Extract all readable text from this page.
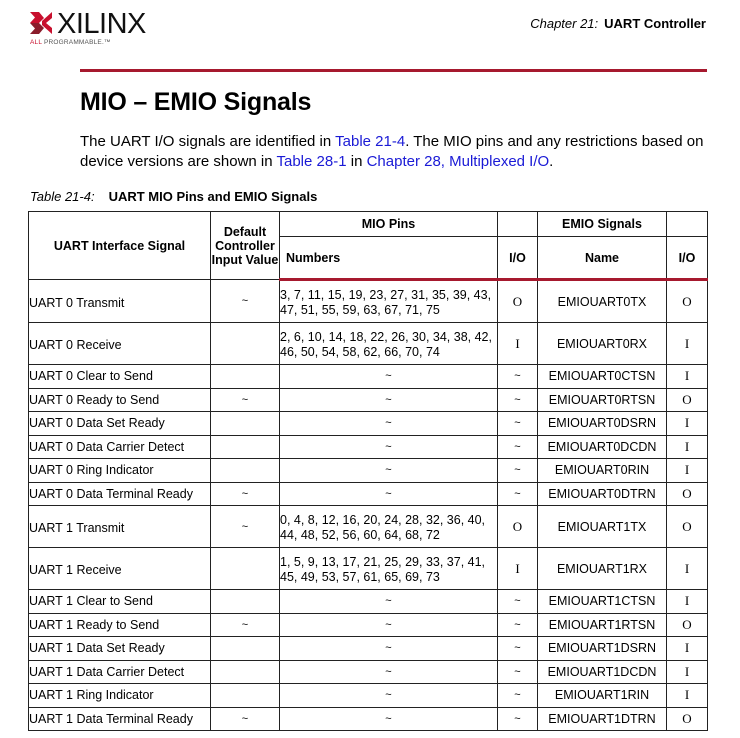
XILINX
ALL PROGRAMMABLE.™
Chapter 21: UART Controller
MIO – EMIO Signals
The UART I/O signals are identified in Table 21-4. The MIO pins and any restrictions based on device versions are shown in Table 28-1 in Chapter 28, Multiplexed I/O.
Table 21-4: UART MIO Pins and EMIO Signals
UART Interface Signal	Default Controller Input Value	MIO Pins		EMIO Signals	
		Numbers	I/O	Name	I/O
UART 0 Transmit	~	3, 7, 11, 15, 19, 23, 27, 31, 35, 39, 43, 47, 51, 55, 59, 63, 67, 71, 75	O	EMIOUART0TX	O
UART 0 Receive		2, 6, 10, 14, 18, 22, 26, 30, 34, 38, 42, 46, 50, 54, 58, 62, 66, 70, 74	I	EMIOUART0RX	I
UART 0 Clear to Send		~	~	EMIOUART0CTSN	I
UART 0 Ready to Send	~	~	~	EMIOUART0RTSN	O
UART 0 Data Set Ready		~	~	EMIOUART0DSRN	I
UART 0 Data Carrier Detect		~	~	EMIOUART0DCDN	I
UART 0 Ring Indicator		~	~	EMIOUART0RIN	I
UART 0 Data Terminal Ready	~	~	~	EMIOUART0DTRN	O
UART 1 Transmit	~	0, 4, 8, 12, 16, 20, 24, 28, 32, 36, 40, 44, 48, 52, 56, 60, 64, 68, 72	O	EMIOUART1TX	O
UART 1 Receive		1, 5, 9, 13, 17, 21, 25, 29, 33, 37, 41, 45, 49, 53, 57, 61, 65, 69, 73	I	EMIOUART1RX	I
UART 1 Clear to Send		~	~	EMIOUART1CTSN	I
UART 1 Ready to Send	~	~	~	EMIOUART1RTSN	O
UART 1 Data Set Ready		~	~	EMIOUART1DSRN	I
UART 1 Data Carrier Detect		~	~	EMIOUART1DCDN	I
UART 1 Ring Indicator		~	~	EMIOUART1RIN	I
UART 1 Data Terminal Ready	~	~	~	EMIOUART1DTRN	O
